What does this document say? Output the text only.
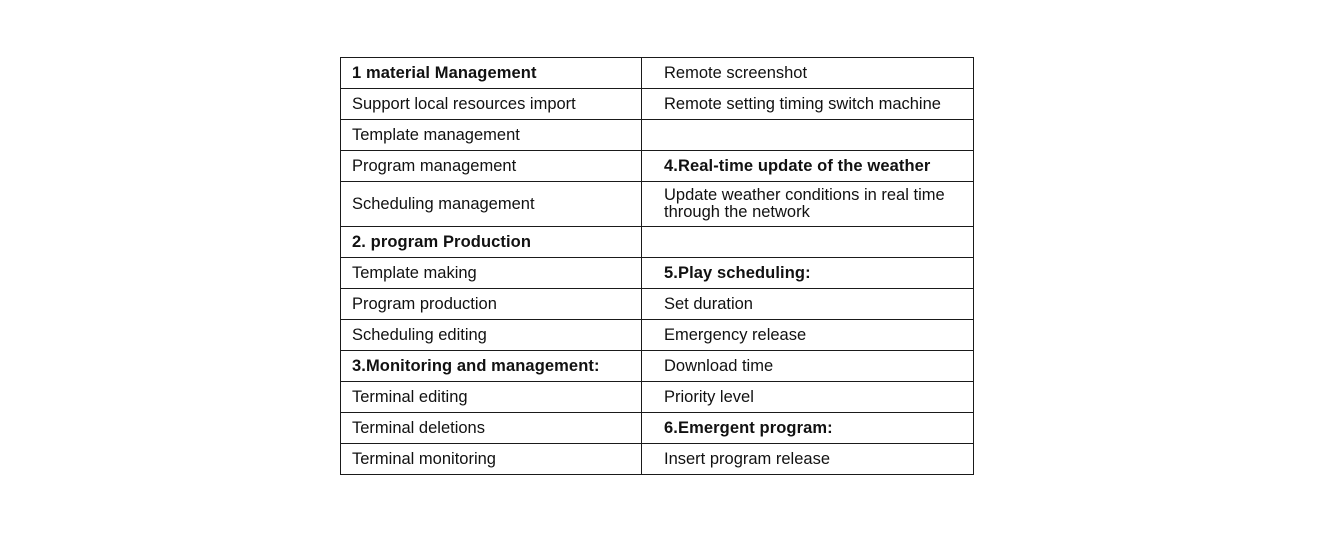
1 material Management	Remote screenshot

Support local resources import	Remote setting timing switch machine

Template management	

Program management	4.Real-time update of the weather

Scheduling management	Update weather conditions in real time through the network

2. program Production	

Template making	5.Play scheduling:

Program production	Set duration

Scheduling editing	Emergency release

3.Monitoring and management:	Download time

Terminal editing	Priority level

Terminal deletions	6.Emergent program:

Terminal monitoring	Insert program release
